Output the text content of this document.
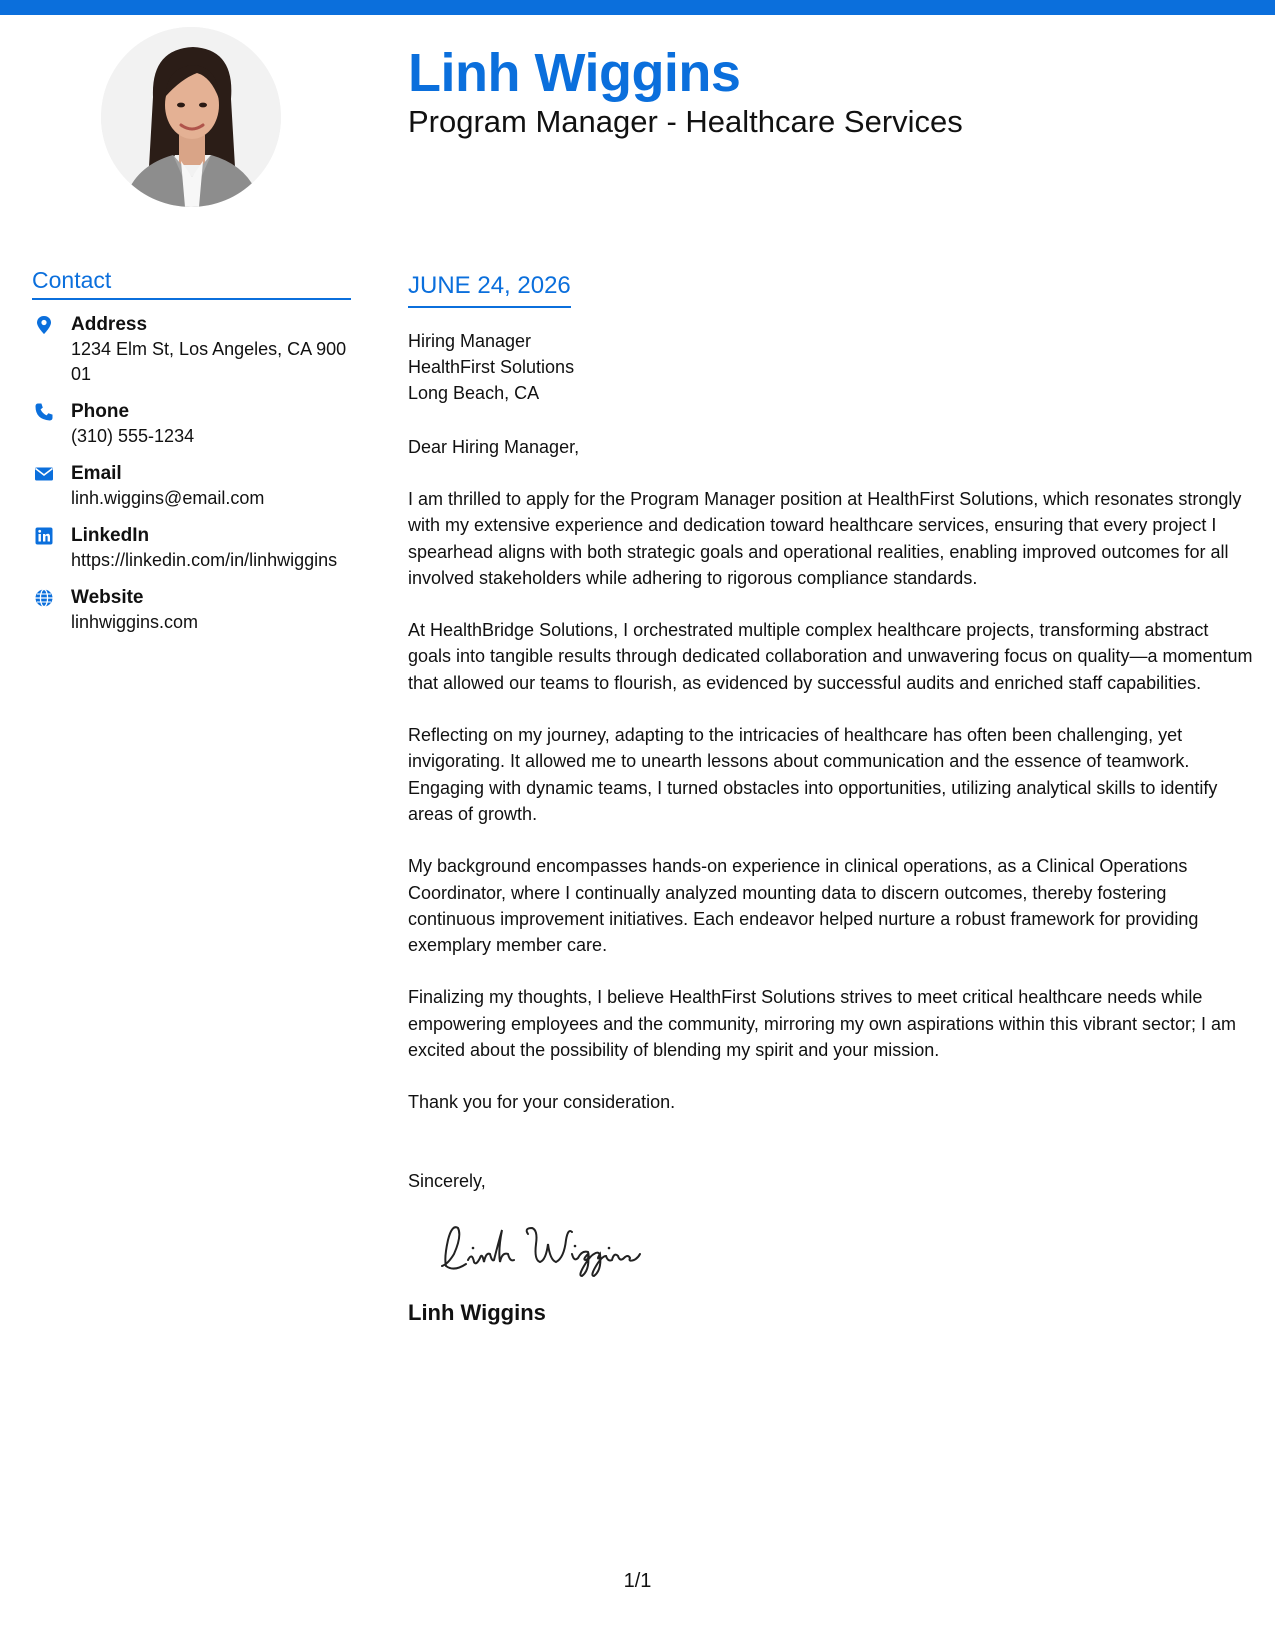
Linh Wiggins
Program Manager - Healthcare Services
Contact
Address
1234 Elm St, Los Angeles, CA 90001
Phone
(310) 555-1234
Email
linh.wiggins@email.com
LinkedIn
https://linkedin.com/in/linhwiggins
Website
linhwiggins.com
JUNE 24, 2026
Hiring Manager
HealthFirst Solutions
Long Beach, CA
Dear Hiring Manager,
I am thrilled to apply for the Program Manager position at HealthFirst Solutions, which resonates strongly with my extensive experience and dedication toward healthcare services, ensuring that every project I spearhead aligns with both strategic goals and operational realities, enabling improved outcomes for all involved stakeholders while adhering to rigorous compliance standards.
At HealthBridge Solutions, I orchestrated multiple complex healthcare projects, transforming abstract goals into tangible results through dedicated collaboration and unwavering focus on quality—a momentum that allowed our teams to flourish, as evidenced by successful audits and enriched staff capabilities.
Reflecting on my journey, adapting to the intricacies of healthcare has often been challenging, yet invigorating. It allowed me to unearth lessons about communication and the essence of teamwork. Engaging with dynamic teams, I turned obstacles into opportunities, utilizing analytical skills to identify areas of growth.
My background encompasses hands-on experience in clinical operations, as a Clinical Operations Coordinator, where I continually analyzed mounting data to discern outcomes, thereby fostering continuous improvement initiatives. Each endeavor helped nurture a robust framework for providing exemplary member care.
Finalizing my thoughts, I believe HealthFirst Solutions strives to meet critical healthcare needs while empowering employees and the community, mirroring my own aspirations within this vibrant sector; I am excited about the possibility of blending my spirit and your mission.
Thank you for your consideration.
Sincerely,
Linh Wiggins
1/1
